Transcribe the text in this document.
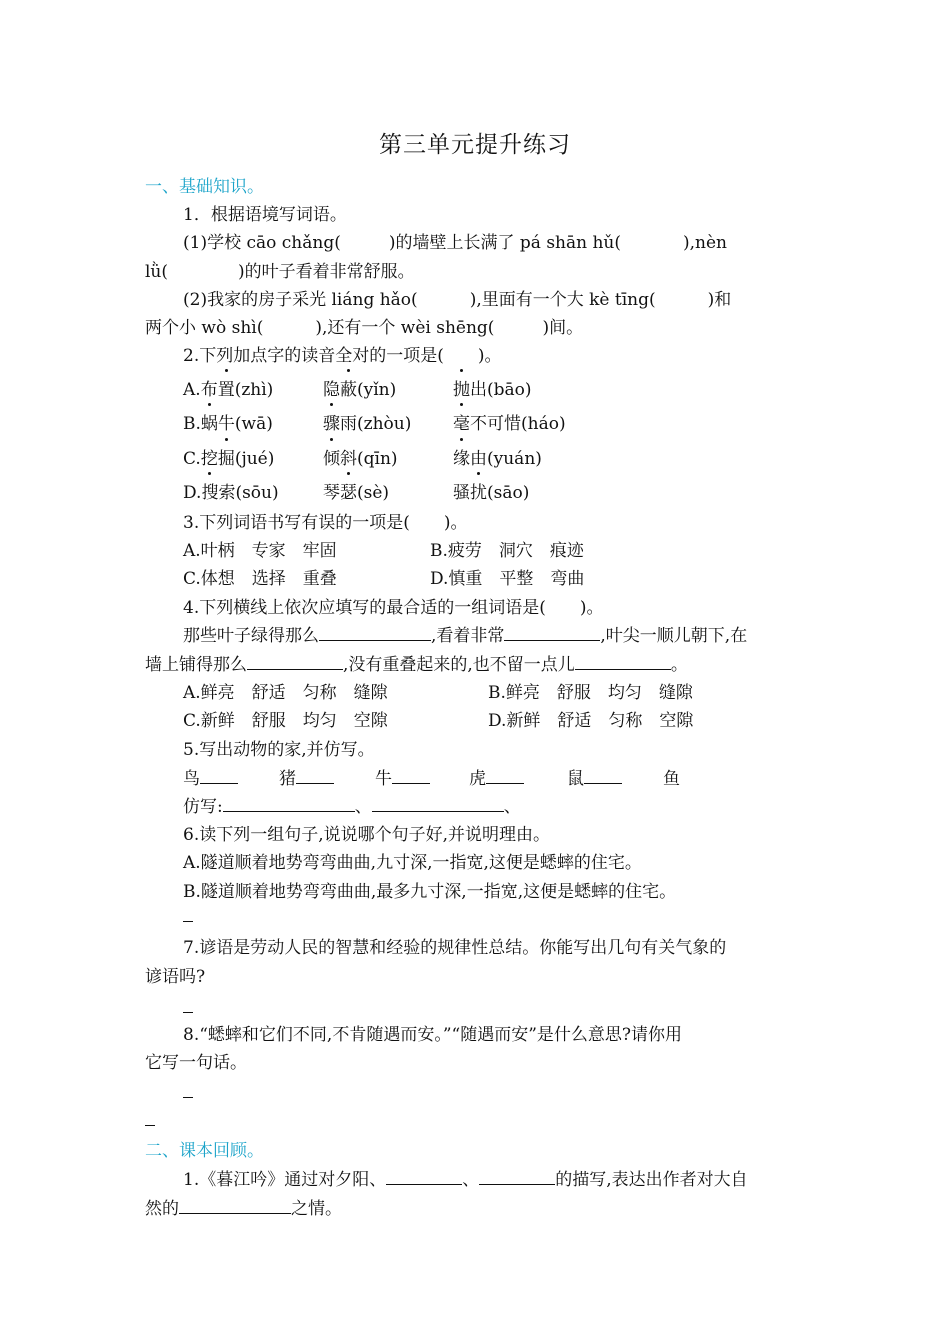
第三单元提升练习
一、基础知识。
1．根据语境写词语。
(1)学校 cāo chǎng(	)的墙壁上长满了 pá shān hǔ(	),nèn
lǜ(	)的叶子看着非常舒服。
(2)我家的房子采光 liáng hǎo(	),里面有一个大 kè tīng(	)和
两个小 wò shì(	),还有一个 wèi shēng(	)间。
2.下列加点字的读音全对的一项是(　　)。
A.布置(zhì)	隐蔽(yǐn)	抛出(bāo)
B.蜗牛(wā)	骤雨(zhòu) 毫不可惜(háo)
C.挖掘(jué)	倾斜(qīn)	缘由(yuán)
D.搜索(sōu)	琴瑟(sè)	骚扰(sāo)
3.下列词语书写有误的一项是(　　)。
A.叶柄　专家　牢固	B.疲劳　洞穴　痕迹
C.体想　选择　重叠	D.慎重　平整　弯曲
4.下列横线上依次应填写的最合适的一组词语是(　　)。
那些叶子绿得那么	,看着非常	,叶尖一顺儿朝下,在
墙上铺得那么	,没有重叠起来的,也不留一点儿	。
A.鲜亮　舒适　匀称　缝隙	B.鲜亮　舒服　均匀　缝隙
C.新鲜　舒服　均匀　空隙	D.新鲜　舒适　匀称　空隙
5.写出动物的家,并仿写。
鸟	猪	牛	虎	鼠	鱼
仿写:	、	、
6.读下列一组句子,说说哪个句子好,并说明理由。
A.隧道顺着地势弯弯曲曲,九寸深,一指宽,这便是蟋蟀的住宅。
B.隧道顺着地势弯弯曲曲,最多九寸深,一指宽,这便是蟋蟀的住宅。
7.谚语是劳动人民的智慧和经验的规律性总结。你能写出几句有关气象的
谚语吗?
8.“蟋蟀和它们不同,不肯随遇而安。”“随遇而安”是什么意思?请你用
它写一句话。
二、课本回顾。
1.《暮江吟》通过对夕阳、	、	的描写,表达出作者对大自
然的	之情。
